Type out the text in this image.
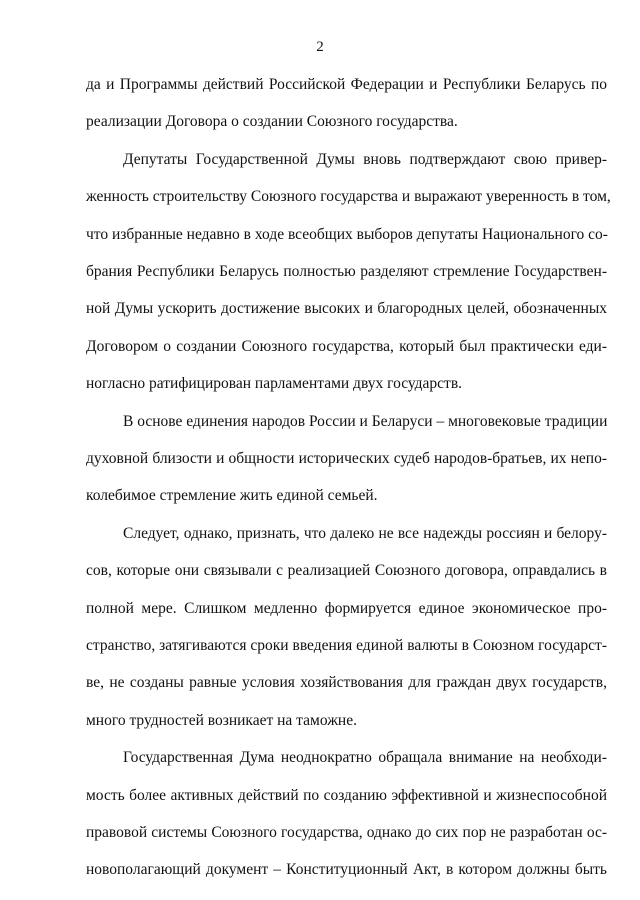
2
да и Программы действий Российской Федерации и Республики Беларусь по
реализации Договора о создании Союзного государства.
Депутаты Государственной Думы вновь подтверждают свою привер-
женность строительству Союзного государства и выражают уверенность в том,
что избранные недавно в ходе всеобщих выборов депутаты Национального со-
брания Республики Беларусь полностью разделяют стремление Государствен-
ной Думы ускорить достижение высоких и благородных целей, обозначенных
Договором о создании Союзного государства, который был практически еди-
ногласно ратифицирован парламентами двух государств.
В основе единения народов России и Беларуси – многовековые традиции
духовной близости и общности исторических судеб народов-братьев, их непо-
колебимое стремление жить единой семьей.
Следует, однако, признать, что далеко не все надежды россиян и белору-
сов, которые они связывали с реализацией Союзного договора, оправдались в
полной мере. Слишком медленно формируется единое экономическое про-
странство, затягиваются сроки введения единой валюты в Союзном государст-
ве, не созданы равные условия хозяйствования для граждан двух государств,
много трудностей возникает на таможне.
Государственная Дума неоднократно обращала внимание на необходи-
мость более активных действий по созданию эффективной и жизнеспособной
правовой системы Союзного государства, однако до сих пор не разработан ос-
новополагающий документ – Конституционный Акт, в котором должны быть
